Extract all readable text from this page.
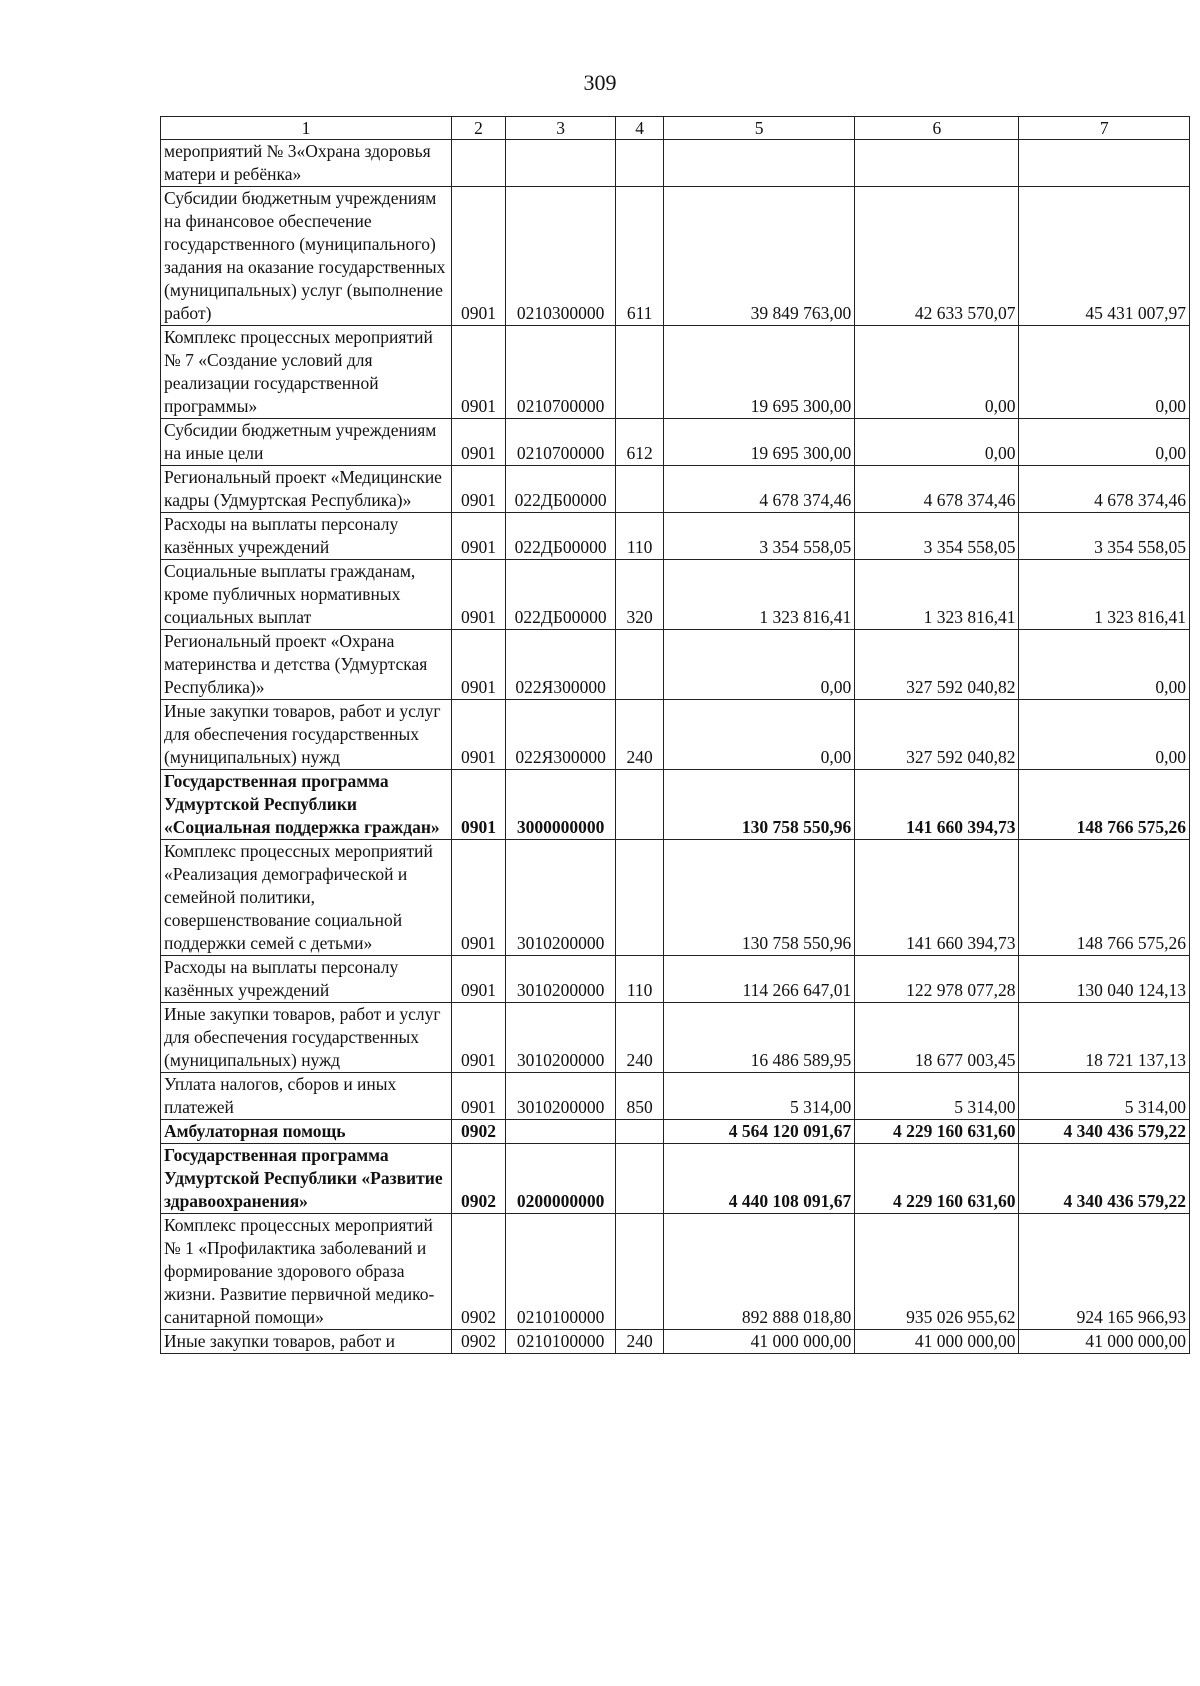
309
1	2	3	4	5	6	7
мероприятий № 3«Охрана здоровья матери и ребёнка»						
Субсидии бюджетным учреждениям на финансовое обеспечение государственного (муниципального) задания на оказание государственных (муниципальных) услуг (выполнение работ)	0901	0210300000	611	39 849 763,00	42 633 570,07	45 431 007,97
Комплекс процессных мероприятий № 7 «Создание условий для реализации государственной программы»	0901	0210700000		19 695 300,00	0,00	0,00
Субсидии бюджетным учреждениям на иные цели	0901	0210700000	612	19 695 300,00	0,00	0,00
Региональный проект «Медицинские кадры (Удмуртская Республика)»	0901	022ДБ00000		4 678 374,46	4 678 374,46	4 678 374,46
Расходы на выплаты персоналу казённых учреждений	0901	022ДБ00000	110	3 354 558,05	3 354 558,05	3 354 558,05
Социальные выплаты гражданам, кроме публичных нормативных социальных выплат	0901	022ДБ00000	320	1 323 816,41	1 323 816,41	1 323 816,41
Региональный проект «Охрана материнства и детства (Удмуртская Республика)»	0901	022Я300000		0,00	327 592 040,82	0,00
Иные закупки товаров, работ и услуг для обеспечения государственных (муниципальных) нужд	0901	022Я300000	240	0,00	327 592 040,82	0,00
Государственная программа Удмуртской Республики «Социальная поддержка граждан»	0901	3000000000		130 758 550,96	141 660 394,73	148 766 575,26
Комплекс процессных мероприятий «Реализация демографической и семейной политики, совершенствование социальной поддержки семей с детьми»	0901	3010200000		130 758 550,96	141 660 394,73	148 766 575,26
Расходы на выплаты персоналу казённых учреждений	0901	3010200000	110	114 266 647,01	122 978 077,28	130 040 124,13
Иные закупки товаров, работ и услуг для обеспечения государственных (муниципальных) нужд	0901	3010200000	240	16 486 589,95	18 677 003,45	18 721 137,13
Уплата налогов, сборов и иных платежей	0901	3010200000	850	5 314,00	5 314,00	5 314,00
Амбулаторная помощь	0902			4 564 120 091,67	4 229 160 631,60	4 340 436 579,22
Государственная программа Удмуртской Республики «Развитие здравоохранения»	0902	0200000000		4 440 108 091,67	4 229 160 631,60	4 340 436 579,22
Комплекс процессных мероприятий № 1 «Профилактика заболеваний и формирование здорового образа жизни. Развитие первичной медико-санитарной помощи»	0902	0210100000		892 888 018,80	935 026 955,62	924 165 966,93
Иные закупки товаров, работ и	0902	0210100000	240	41 000 000,00	41 000 000,00	41 000 000,00
